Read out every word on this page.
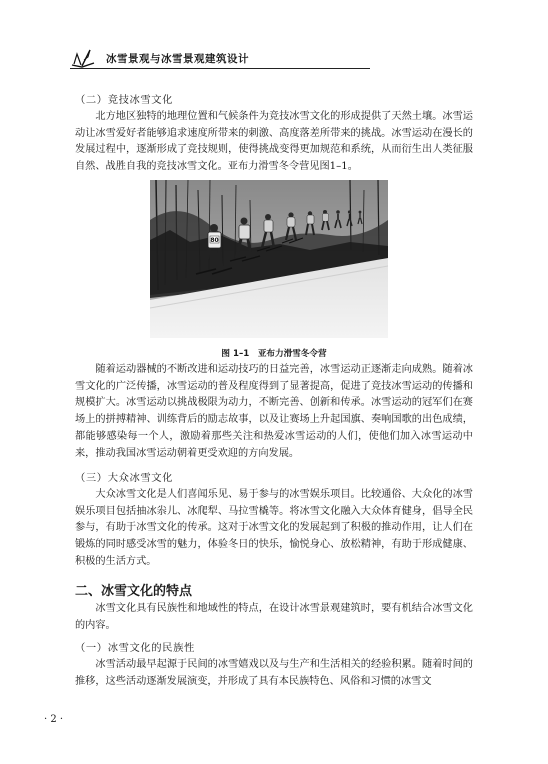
冰雪景观与冰雪景观建筑设计
（二）竞技冰雪文化

北方地区独特的地理位置和气候条件为竞技冰雪文化的形成提供了天然土壤。冰雪运动让冰雪爱好者能够追求速度所带来的刺激、高度落差所带来的挑战。冰雪运动在漫长的发展过程中，逐渐形成了竞技规则，使得挑战变得更加规范和系统，从而衍生出人类征服自然、战胜自我的竞技冰雪文化。亚布力滑雪冬令营见图1–1。

80
图 1–1　亚布力滑雪冬令营

随着运动器械的不断改进和运动技巧的日益完善，冰雪运动正逐渐走向成熟。随着冰雪文化的广泛传播，冰雪运动的普及程度得到了显著提高，促进了竞技冰雪运动的传播和规模扩大。冰雪运动以挑战极限为动力，不断完善、创新和传承。冰雪运动的冠军们在赛场上的拼搏精神、训练背后的励志故事，以及让赛场上升起国旗、奏响国歌的出色成绩，都能够感染每一个人，激励着那些关注和热爱冰雪运动的人们，使他们加入冰雪运动中来，推动我国冰雪运动朝着更受欢迎的方向发展。

（三）大众冰雪文化

大众冰雪文化是人们喜闻乐见、易于参与的冰雪娱乐项目。比较通俗、大众化的冰雪娱乐项目包括抽冰尜儿、冰爬犁、马拉雪橇等。将冰雪文化融入大众体育健身，倡导全民参与，有助于冰雪文化的传承。这对于冰雪文化的发展起到了积极的推动作用，让人们在锻炼的同时感受冰雪的魅力，体验冬日的快乐，愉悦身心、放松精神，有助于形成健康、积极的生活方式。

二、冰雪文化的特点

冰雪文化具有民族性和地域性的特点，在设计冰雪景观建筑时，要有机结合冰雪文化的内容。

（一）冰雪文化的民族性

冰雪活动最早起源于民间的冰雪嬉戏以及与生产和生活相关的经验积累。随着时间的推移，这些活动逐渐发展演变，并形成了具有本民族特色、风俗和习惯的冰雪文

· 2 ·
